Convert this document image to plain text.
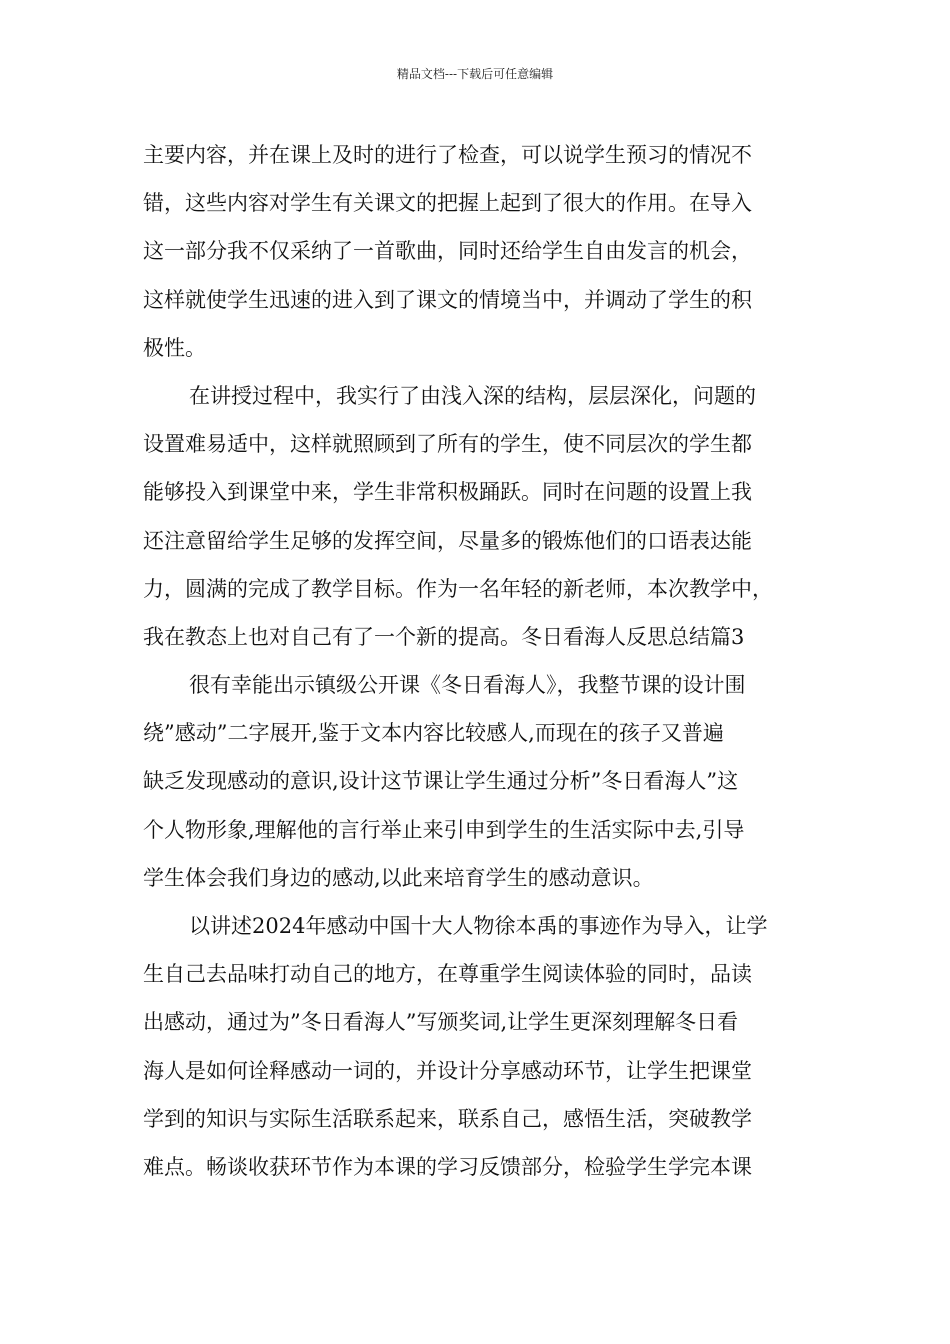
精品文档---下载后可任意编辑
主要内容，并在课上及时的进行了检查，可以说学生预习的情况不
错，这些内容对学生有关课文的把握上起到了很大的作用。在导入
这一部分我不仅采纳了一首歌曲，同时还给学生自由发言的机会，
这样就使学生迅速的进入到了课文的情境当中，并调动了学生的积
极性。
在讲授过程中，我实行了由浅入深的结构，层层深化，问题的
设置难易适中，这样就照顾到了所有的学生，使不同层次的学生都
能够投入到课堂中来，学生非常积极踊跃。同时在问题的设置上我
还注意留给学生足够的发挥空间，尽量多的锻炼他们的口语表达能
力，圆满的完成了教学目标。作为一名年轻的新老师，本次教学中，
我在教态上也对自己有了一个新的提高。冬日看海人反思总结篇3
很有幸能出示镇级公开课《冬日看海人》，我整节课的设计围
绕”感动”二字展开,鉴于文本内容比较感人,而现在的孩子又普遍
缺乏发现感动的意识,设计这节课让学生通过分析”冬日看海人”这
个人物形象,理解他的言行举止来引申到学生的生活实际中去,引导
学生体会我们身边的感动,以此来培育学生的感动意识。
以讲述2024年感动中国十大人物徐本禹的事迹作为导入，让学
生自己去品味打动自己的地方，在尊重学生阅读体验的同时，品读
出感动，通过为”冬日看海人”写颁奖词,让学生更深刻理解冬日看
海人是如何诠释感动一词的，并设计分享感动环节，让学生把课堂
学到的知识与实际生活联系起来，联系自己，感悟生活，突破教学
难点。畅谈收获环节作为本课的学习反馈部分，检验学生学完本课
